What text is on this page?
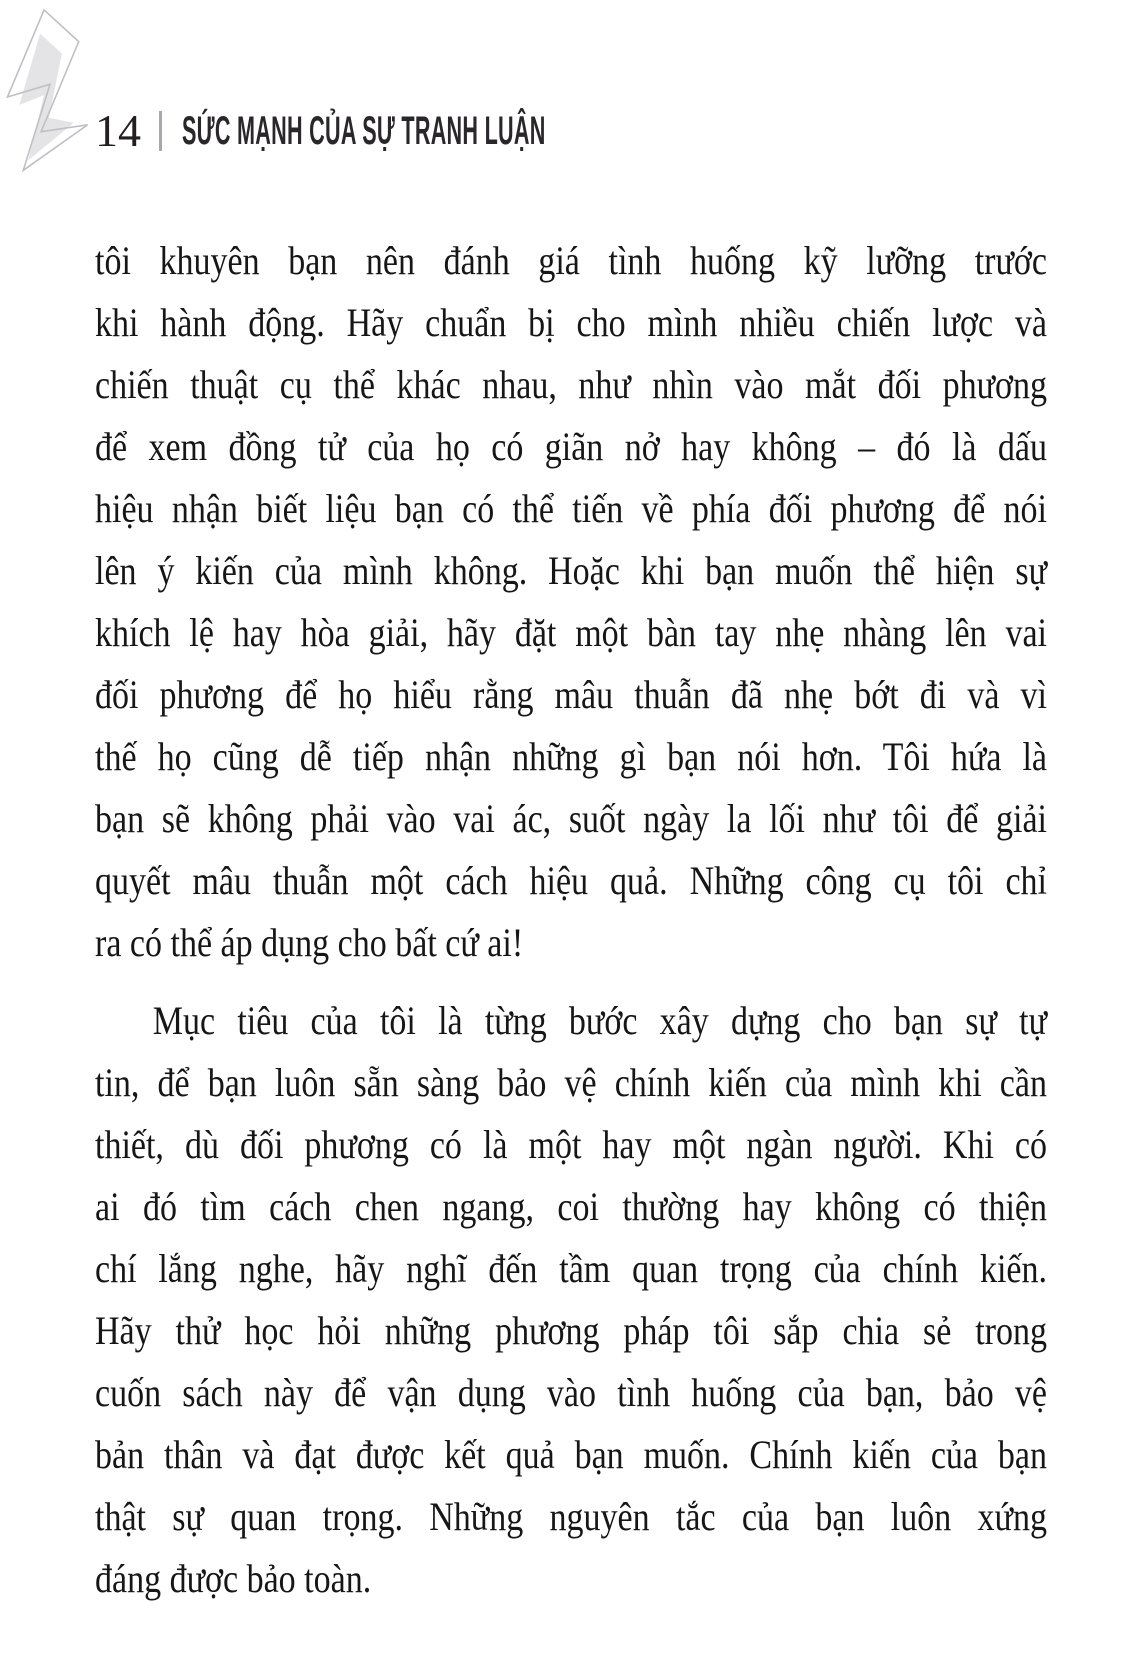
14 SỨC MẠNH CỦA SỰ TRANH LUẬN
tôi khuyên bạn nên đánh giá tình huống kỹ lưỡng trước
khi hành động. Hãy chuẩn bị cho mình nhiều chiến lược và
chiến thuật cụ thể khác nhau, như nhìn vào mắt đối phương
để xem đồng tử của họ có giãn nở hay không – đó là dấu
hiệu nhận biết liệu bạn có thể tiến về phía đối phương để nói
lên ý kiến của mình không. Hoặc khi bạn muốn thể hiện sự
khích lệ hay hòa giải, hãy đặt một bàn tay nhẹ nhàng lên vai
đối phương để họ hiểu rằng mâu thuẫn đã nhẹ bớt đi và vì
thế họ cũng dễ tiếp nhận những gì bạn nói hơn. Tôi hứa là
bạn sẽ không phải vào vai ác, suốt ngày la lối như tôi để giải
quyết mâu thuẫn một cách hiệu quả. Những công cụ tôi chỉ
ra có thể áp dụng cho bất cứ ai!
Mục tiêu của tôi là từng bước xây dựng cho bạn sự tự
tin, để bạn luôn sẵn sàng bảo vệ chính kiến của mình khi cần
thiết, dù đối phương có là một hay một ngàn người. Khi có
ai đó tìm cách chen ngang, coi thường hay không có thiện
chí lắng nghe, hãy nghĩ đến tầm quan trọng của chính kiến.
Hãy thử học hỏi những phương pháp tôi sắp chia sẻ trong
cuốn sách này để vận dụng vào tình huống của bạn, bảo vệ
bản thân và đạt được kết quả bạn muốn. Chính kiến của bạn
thật sự quan trọng. Những nguyên tắc của bạn luôn xứng
đáng được bảo toàn.
